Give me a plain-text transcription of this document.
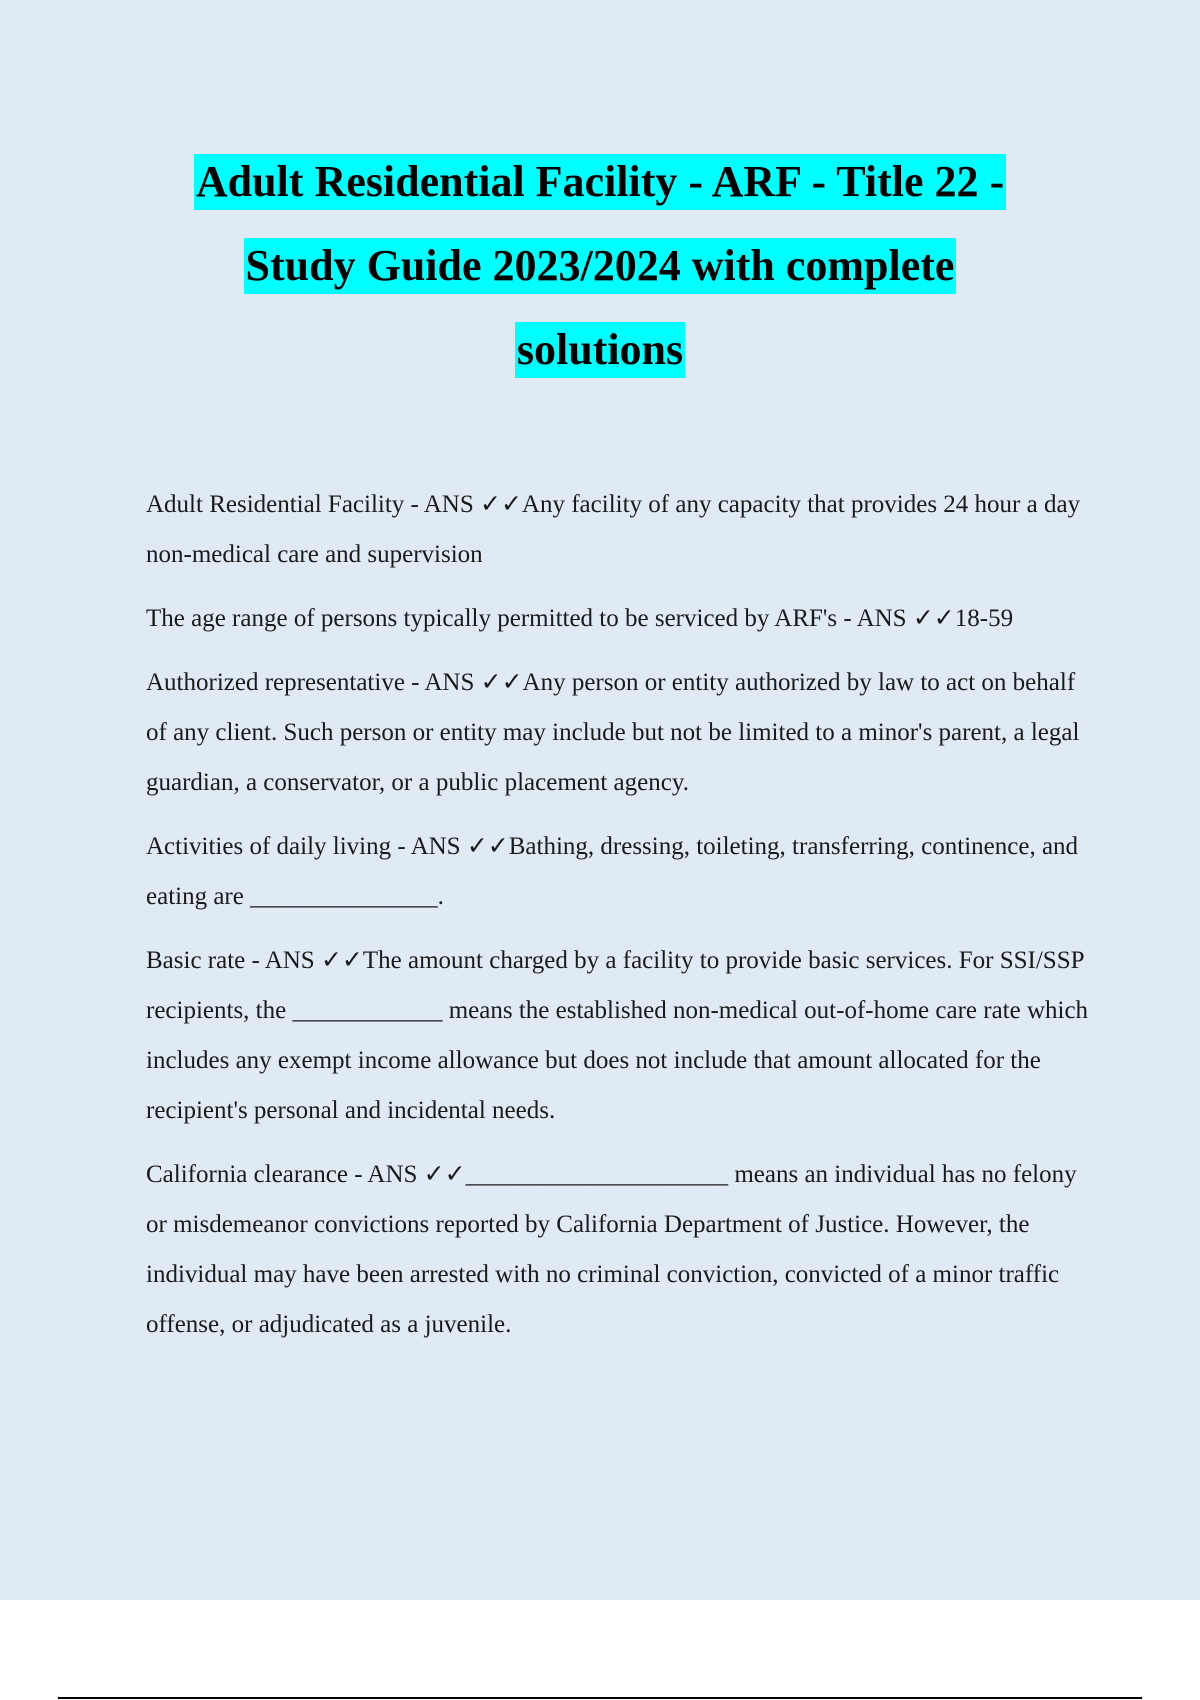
Adult Residential Facility - ARF - Title 22 -
Study Guide 2023/2024 with complete
solutions

Adult Residential Facility - ANS ✓✓Any facility of any capacity that provides 24 hour a day non-medical care and supervision

The age range of persons typically permitted to be serviced by ARF's - ANS ✓✓18-59

Authorized representative - ANS ✓✓Any person or entity authorized by law to act on behalf of any client. Such person or entity may include but not be limited to a minor's parent, a legal guardian, a conservator, or a public placement agency.

Activities of daily living - ANS ✓✓Bathing, dressing, toileting, transferring, continence, and eating are _______________.

Basic rate - ANS ✓✓The amount charged by a facility to provide basic services. For SSI/SSP recipients, the ____________ means the established non-medical out-of-home care rate which includes any exempt income allowance but does not include that amount allocated for the recipient's personal and incidental needs.

California clearance - ANS ✓✓_____________________ means an individual has no felony or misdemeanor convictions reported by California Department of Justice. However, the individual may have been arrested with no criminal conviction, convicted of a minor traffic offense, or adjudicated as a juvenile.
